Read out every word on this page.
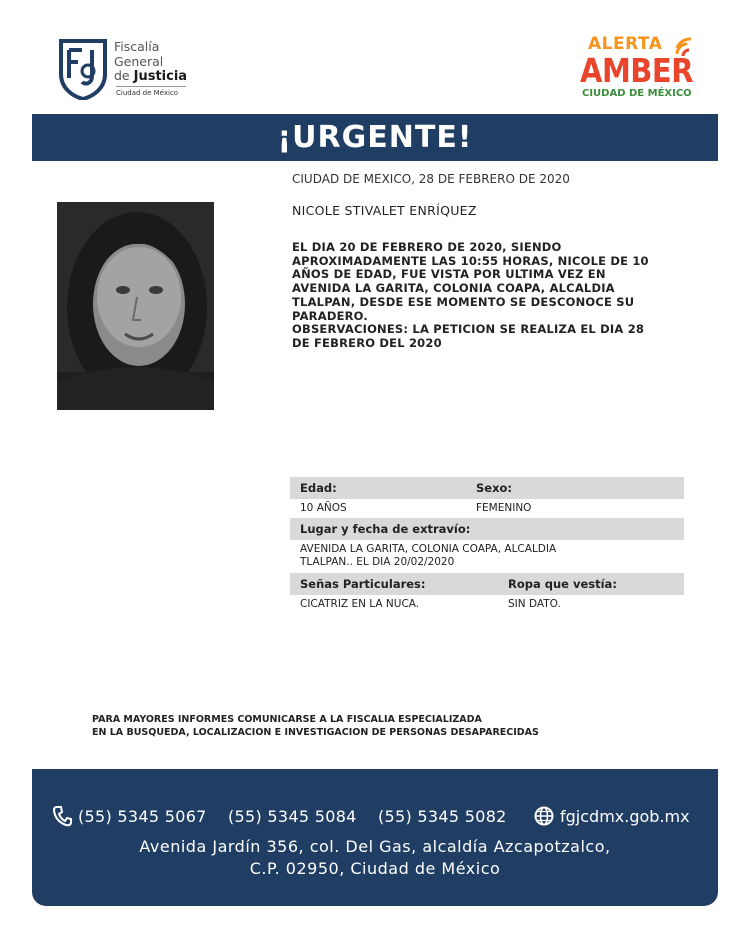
Fiscalía
General
de Justicia
Ciudad de México
ALERTA
AMBER
CIUDAD DE MÉXICO
¡URGENTE!
CIUDAD DE MEXICO, 28 DE FEBRERO DE 2020
NICOLE STIVALET ENRÍQUEZ
EL DIA 20 DE FEBRERO DE 2020, SIENDO
APROXIMADAMENTE LAS 10:55 HORAS, NICOLE DE 10
AÑOS DE EDAD, FUE VISTA POR ULTIMA VEZ EN
AVENIDA LA GARITA, COLONIA COAPA, ALCALDIA
TLALPAN, DESDE ESE MOMENTO SE DESCONOCE SU
PARADERO.
OBSERVACIONES: LA PETICION SE REALIZA EL DIA 28
DE FEBRERO DEL 2020
Edad:	Sexo:
10 AÑOS	FEMENINO
Lugar y fecha de extravío:
AVENIDA LA GARITA, COLONIA COAPA, ALCALDIA
TLALPAN.. EL DIA 20/02/2020
Señas Particulares:	Ropa que vestía:
CICATRIZ EN LA NUCA.	SIN DATO.
PARA MAYORES INFORMES COMUNICARSE A LA FISCALIA ESPECIALIZADA
EN LA BUSQUEDA, LOCALIZACION E INVESTIGACION DE PERSONAS DESAPARECIDAS
(55) 5345 5067 (55) 5345 5084 (55) 5345 5082	fgjcdmx.gob.mx
Avenida Jardín 356, col. Del Gas, alcaldía Azcapotzalco,
C.P. 02950, Ciudad de México
